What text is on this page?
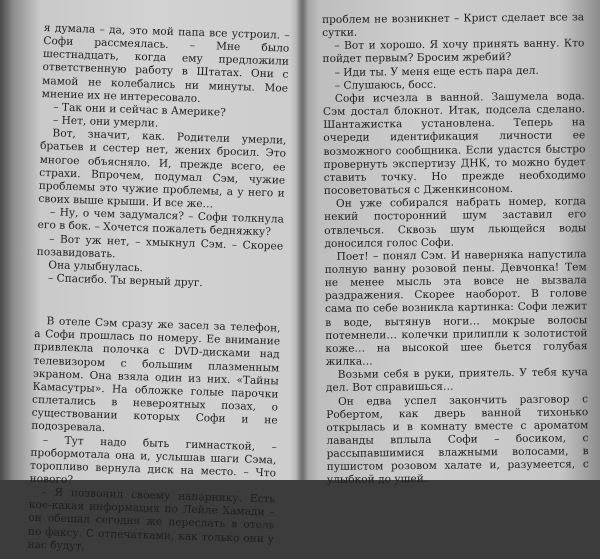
я думала – да, это мой папа все устроил. – Софи рассмеялась. – Мне было шестнадцать, когда ему предложили ответственную работу в Штатах. Они с мамой не колебались ни минуты. Мое мнение их не интересовало.

– Так они и сейчас в Америке?

– Нет, они умерли.

Вот, значит, как. Родители умерли, братьев и сестер нет, жених бросил. Это многое объясняло. И, прежде всего, ее страхи. Впрочем, подумал Сэм, чужие проблемы это чужие проблемы, а у него и своих выше крыши. И все же…

– Ну, о чем задумался? – Софи толкнула его в бок. – Хочется пожалеть бедняжку?

– Вот уж нет, – хмыкнул Сэм. – Скорее позавидовать.

Она улыбнулась.

– Спасибо. Ты верный друг.

В отеле Сэм сразу же засел за телефон, а Софи прошлась по номеру. Ее внимание привлекла полочка с DVD-дисками над телевизором с большим плазменным экраном. Она взяла один из них. «Тайны Камасутры». На обложке голые парочки сплетались в невероятных позах, о существовании которых Софи и не подозревала.

– Тут надо быть гимнасткой, – пробормотала она и, услышав шаги Сэма, торопливо вернула диск на место. – Что нового?

– Я позвонил своему напарнику. Есть кое-какая информация по Лейле Хамади – он обещал сегодня же переслать в отель по факсу. С отпечатками, как только они у нас будут,

проблем не возникнет – Крист сделает все за сутки.

– Вот и хорошо. Я хочу принять ванну. Кто пойдет первым? Бросим жребий?

– Иди ты. У меня еще есть пара дел.

– Слушаюсь, босс.

Софи исчезла в ванной. Зашумела вода. Сэм достал блокнот. Итак, подсела сделано. Шантажистка установлена. Теперь на очереди идентификация личности ее возможного сообщника. Если удастся быстро провернуть экспертизу ДНК, то можно будет ставить точку. Но прежде необходимо посоветоваться с Дженкинсоном.

Он уже собирался набрать номер, когда некий посторонний шум заставил его отвлечься. Сквозь шум льющейся воды доносился голос Софи.

Поет! – понял Сэм. И наверняка напустила полную ванну розовой пены. Девчонка! Тем не менее мысль эта вовсе не вызвала раздражения. Скорее наоборот. В голове сама по себе возникла картинка: Софи лежит в воде, вытянув ноги… мокрые волосы потемнели… колечки прилипли к золотистой коже… на высокой шее бьется голубая жилка…

Возьми себя в руки, приятель. У тебя куча дел. Вот справишься…

Он едва успел закончить разговор с Робертом, как дверь ванной тихонько открылась и в комнату вместе с ароматом лаванды вплыла Софи – босиком, с рассыпавшимися влажными волосами, в пушистом розовом халате и, разумеется, с улыбкой до ушей.
